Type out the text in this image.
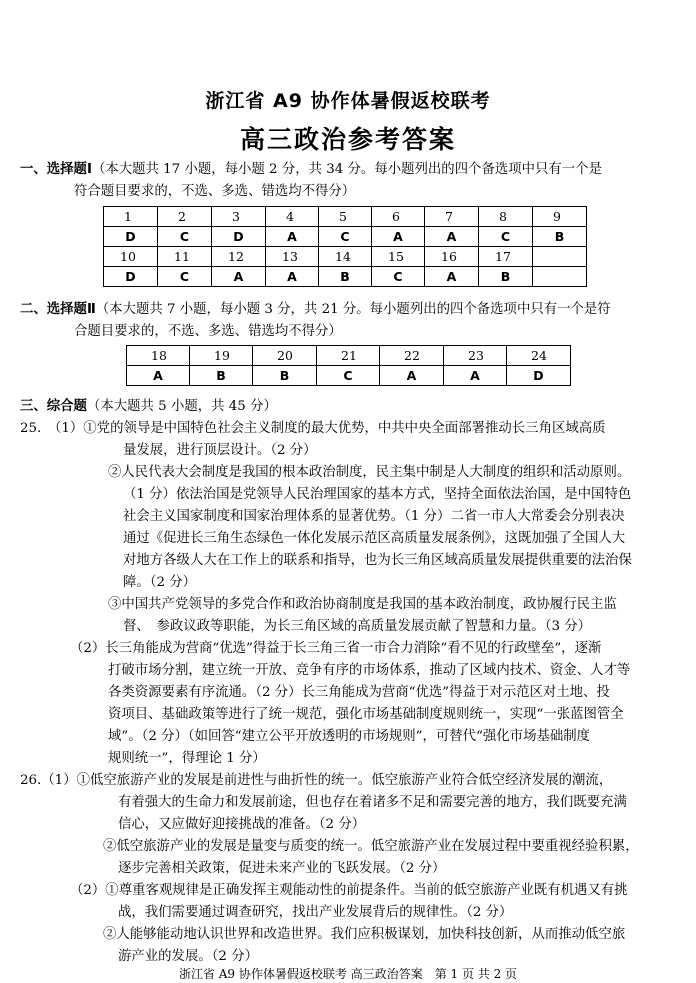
浙江省 A9 协作体暑假返校联考
高三政治参考答案
一、选择题Ⅰ（本大题共 17 小题，每小题 2 分，共 34 分。每小题列出的四个备选项中只有一个是
符合题目要求的，不选、多选、错选均不得分）
1	2	3	4	5	6	7	8	9
D	C	D	A	C	A	A	C	B
10	11	12	13	14	15	16	17	
D	C	A	A	B	C	A	B	
二、选择题Ⅱ（本大题共 7 小题，每小题 3 分，共 21 分。每小题列出的四个备选项中只有一个是符
合题目要求的，不选、多选、错选均不得分）
18	19	20	21	22	23	24
A	B	B	C	A	A	D
三、综合题（本大题共 5 小题，共 45 分）
25.　（1）①党的领导是中国特色社会主义制度的最大优势，中共中央全面部署推动长三角区域高质
量发展，进行顶层设计。（2 分）
②人民代表大会制度是我国的根本政治制度，民主集中制是人大制度的组织和活动原则。
（1 分）依法治国是党领导人民治理国家的基本方式，坚持全面依法治国，是中国特色
社会主义国家制度和国家治理体系的显著优势。（1 分）二省一市人大常委会分别表决
通过《促进长三角生态绿色一体化发展示范区高质量发展条例》，这既加强了全国人大
对地方各级人大在工作上的联系和指导，也为长三角区域高质量发展提供重要的法治保
障。（2 分）
③中国共产党领导的多党合作和政治协商制度是我国的基本政治制度，政协履行民主监
督、　参政议政等职能，为长三角区域的高质量发展贡献了智慧和力量。（3 分）
（2）长三角能成为营商“优选”得益于长三角三省一市合力消除“看不见的行政壁垒”，逐渐
打破市场分割，建立统一开放、竞争有序的市场体系，推动了区域内技术、资金、人才等
各类资源要素有序流通。（2 分）长三角能成为营商“优选”得益于对示范区对土地、投
资项目、基础政策等进行了统一规范，强化市场基础制度规则统一，实现“一张蓝图管全
域”。（2 分）（如回答“建立公平开放透明的市场规则”，可替代“强化市场基础制度
规则统一”，得理论 1 分）
26.（1）①低空旅游产业的发展是前进性与曲折性的统一。低空旅游产业符合低空经济发展的潮流，
有着强大的生命力和发展前途，但也存在着诸多不足和需要完善的地方，我们既要充满
信心，又应做好迎接挑战的准备。（2 分）
②低空旅游产业的发展是量变与质变的统一。低空旅游产业在发展过程中要重视经验积累，
逐步完善相关政策，促进未来产业的飞跃发展。（2 分）
（2）①尊重客观规律是正确发挥主观能动性的前提条件。当前的低空旅游产业既有机遇又有挑
战，我们需要通过调查研究，找出产业发展背后的规律性。（2 分）
②人能够能动地认识世界和改造世界。我们应积极谋划，加快科技创新，从而推动低空旅
游产业的发展。（2 分）
浙江省 A9 协作体暑假返校联考 高三政治答案　第 1 页 共 2 页
